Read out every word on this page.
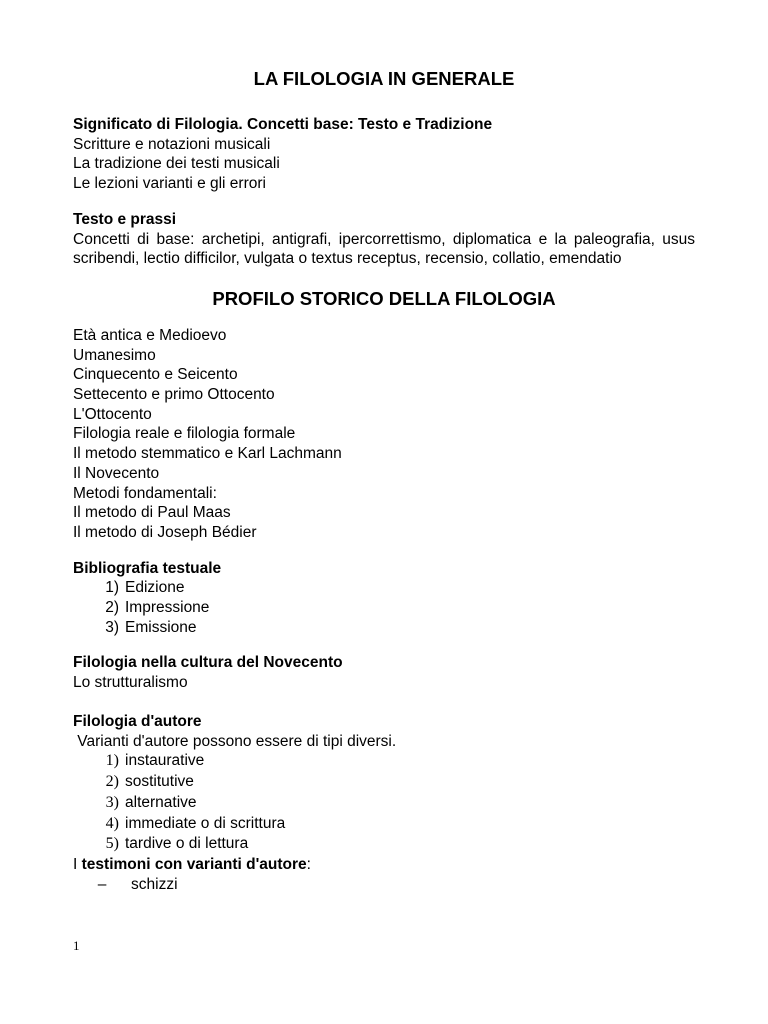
LA FILOLOGIA IN GENERALE

Significato di Filologia. Concetti base: Testo e Tradizione

Scritture e notazioni musicali

La tradizione dei testi musicali

Le lezioni varianti e gli errori

Testo e prassi

Concetti di base: archetipi, antigrafi, ipercorrettismo, diplomatica e la paleografia, usus scribendi, lectio difficilor, vulgata o textus receptus, recensio, collatio, emendatio

PROFILO STORICO DELLA FILOLOGIA

Età antica e Medioevo

Umanesimo

Cinquecento e Seicento

Settecento e primo Ottocento

L'Ottocento

Filologia reale e filologia formale

Il metodo stemmatico e Karl Lachmann

Il Novecento

Metodi fondamentali:

Il metodo di Paul Maas

Il metodo di Joseph Bédier

Bibliografia testuale

1) Edizione
2) Impressione
3) Emissione

Filologia nella cultura del Novecento

Lo strutturalismo

Filologia d'autore

Varianti d'autore possono essere di tipi diversi.

1) instaurative
2) sostitutive
3) alternative
4) immediate o di scrittura
5) tardive o di lettura

I testimoni con varianti d'autore:

– schizzi

1
